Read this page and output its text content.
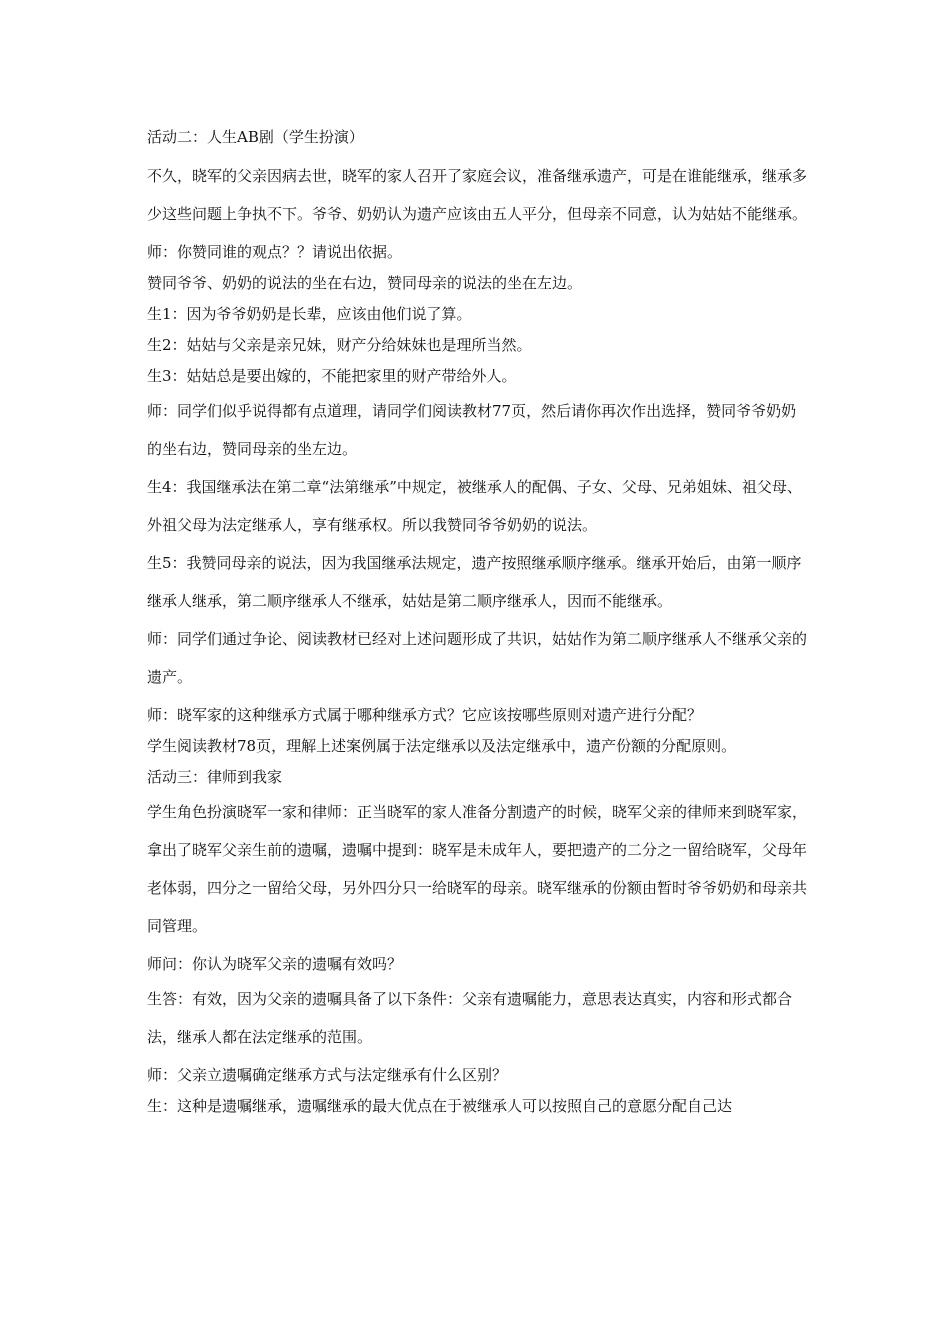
活动二：人生AB剧（学生扮演）

不久，晓军的父亲因病去世，晓军的家人召开了家庭会议，准备继承遗产，可是在谁能继承，继承多少这些问题上争执不下。爷爷、奶奶认为遗产应该由五人平分，但母亲不同意，认为姑姑不能继承。

师：你赞同谁的观点？？请说出依据。

赞同爷爷、奶奶的说法的坐在右边，赞同母亲的说法的坐在左边。

生1：因为爷爷奶奶是长辈，应该由他们说了算。

生2：姑姑与父亲是亲兄妹，财产分给妹妹也是理所当然。

生3：姑姑总是要出嫁的，不能把家里的财产带给外人。

师：同学们似乎说得都有点道理，请同学们阅读教材77页，然后请你再次作出选择，赞同爷爷奶奶的坐右边，赞同母亲的坐左边。

生4：我国继承法在第二章“法第继承”中规定，被继承人的配偶、子女、父母、兄弟姐妹、祖父母、外祖父母为法定继承人，享有继承权。所以我赞同爷爷奶奶的说法。

生5：我赞同母亲的说法，因为我国继承法规定，遗产按照继承顺序继承。继承开始后，由第一顺序继承人继承，第二顺序继承人不继承，姑姑是第二顺序继承人，因而不能继承。

师：同学们通过争论、阅读教材已经对上述问题形成了共识，姑姑作为第二顺序继承人不继承父亲的遗产。

师：晓军家的这种继承方式属于哪种继承方式？它应该按哪些原则对遗产进行分配？

学生阅读教材78页，理解上述案例属于法定继承以及法定继承中，遗产份额的分配原则。

活动三：律师到我家

学生角色扮演晓军一家和律师：正当晓军的家人准备分割遗产的时候，晓军父亲的律师来到晓军家，拿出了晓军父亲生前的遗嘱，遗嘱中提到：晓军是未成年人，要把遗产的二分之一留给晓军，父母年老体弱，四分之一留给父母，另外四分只一给晓军的母亲。晓军继承的份额由暂时爷爷奶奶和母亲共同管理。

师问：你认为晓军父亲的遗嘱有效吗？

生答：有效，因为父亲的遗嘱具备了以下条件：父亲有遗嘱能力，意思表达真实，内容和形式都合法，继承人都在法定继承的范围。

师：父亲立遗嘱确定继承方式与法定继承有什么区别？

生：这种是遗嘱继承，遗嘱继承的最大优点在于被继承人可以按照自己的意愿分配自己达
